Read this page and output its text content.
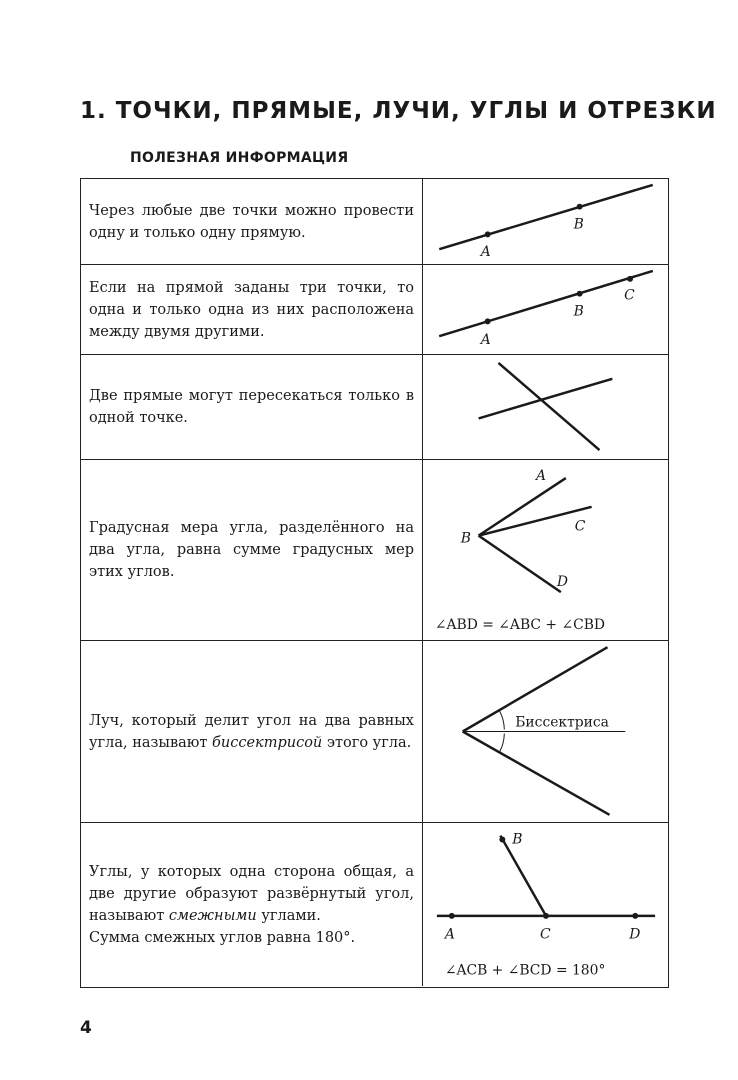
1. ТОЧКИ, ПРЯМЫЕ, ЛУЧИ, УГЛЫ И ОТРЕЗКИ
ПОЛЕЗНАЯ ИНФОРМАЦИЯ
Через любые две точки можно провести одну и только одну прямую.
A
B
Если на прямой заданы три точки, то одна и только одна из них расположена между двумя другими.
A
B
C
Две прямые могут пересекаться только в одной точке.
Градусная мера угла, разделённого на два угла, равна сумме градусных мер этих углов.
A
B
C
D
∠ABD = ∠ABC + ∠CBD
Луч, который делит угол на два равных угла, называют биссектрисой этого угла.
Биссектриса
Углы, у которых одна сторона общая, а две другие образуют развёрнутый угол, называют смежными углами.
Сумма смежных углов равна 180°.	A
B
C	D
∠ACB + ∠BCD = 180°
4
